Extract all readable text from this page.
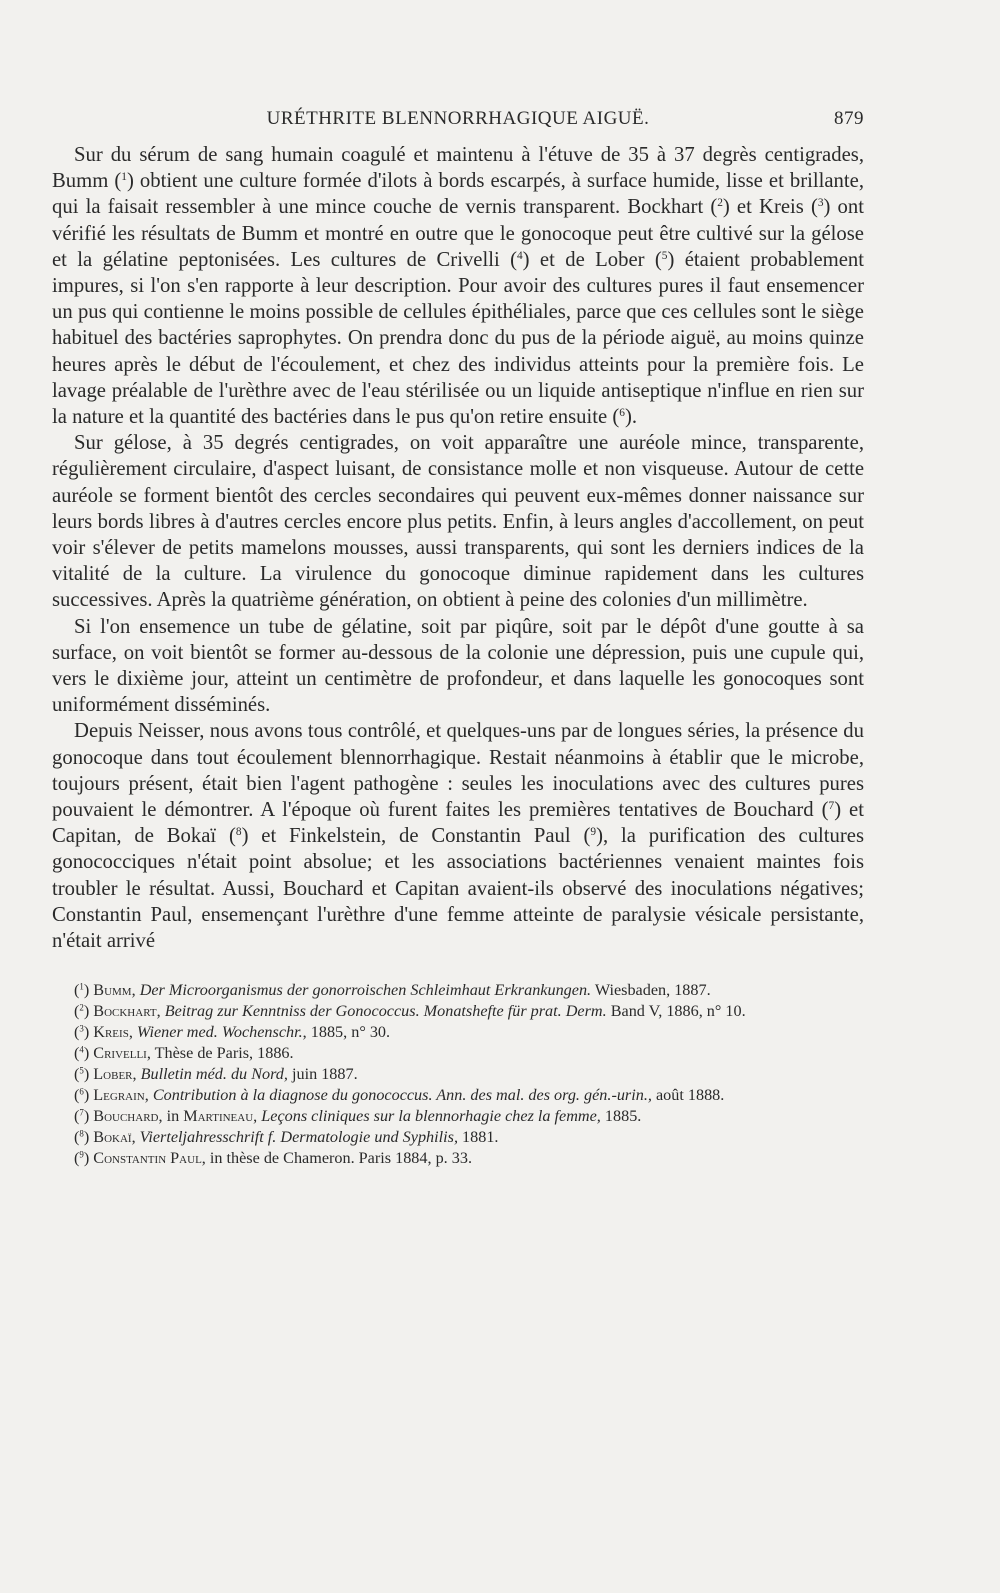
URÉTHRITE BLENNORRHAGIQUE AIGUË.	879

Sur du sérum de sang humain coagulé et maintenu à l'étuve de 35 à 37 degrès centigrades, Bumm ($^1$) obtient une culture formée d'ilots à bords escarpés, à surface humide, lisse et brillante, qui la faisait ressembler à une mince couche de vernis transparent. Bockhart ($^2$) et Kreis ($^3$) ont vérifié les résultats de Bumm et montré en outre que le gonocoque peut être cultivé sur la gélose et la gélatine peptonisées. Les cultures de Crivelli ($^4$) et de Lober ($^5$) étaient probablement impures, si l'on s'en rapporte à leur description. Pour avoir des cultures pures il faut ensemencer un pus qui contienne le moins possible de cellules épithéliales, parce que ces cellules sont le siège habituel des bactéries saprophytes. On prendra donc du pus de la période aiguë, au moins quinze heures après le début de l'écoulement, et chez des individus atteints pour la première fois. Le lavage préalable de l'urèthre avec de l'eau stérilisée ou un liquide antiseptique n'influe en rien sur la nature et la quantité des bactéries dans le pus qu'on retire ensuite ($^6$).

Sur gélose, à 35 degrés centigrades, on voit apparaître une auréole mince, transparente, régulièrement circulaire, d'aspect luisant, de consistance molle et non visqueuse. Autour de cette auréole se forment bientôt des cercles secondaires qui peuvent eux-mêmes donner naissance sur leurs bords libres à d'autres cercles encore plus petits. Enfin, à leurs angles d'accollement, on peut voir s'élever de petits mamelons mousses, aussi transparents, qui sont les derniers indices de la vitalité de la culture. La virulence du gonocoque diminue rapidement dans les cultures successives. Après la quatrième génération, on obtient à peine des colonies d'un millimètre.

Si l'on ensemence un tube de gélatine, soit par piqûre, soit par le dépôt d'une goutte à sa surface, on voit bientôt se former au-dessous de la colonie une dépression, puis une cupule qui, vers le dixième jour, atteint un centimètre de profondeur, et dans laquelle les gonocoques sont uniformément disséminés.

Depuis Neisser, nous avons tous contrôlé, et quelques-uns par de longues séries, la présence du gonocoque dans tout écoulement blennorrhagique. Restait néanmoins à établir que le microbe, toujours présent, était bien l'agent pathogène : seules les inoculations avec des cultures pures pouvaient le démontrer. A l'époque où furent faites les premières tentatives de Bouchard ($^7$) et Capitan, de Bokaï ($^8$) et Finkelstein, de Constantin Paul ($^9$), la purification des cultures gonococciques n'était point absolue; et les associations bactériennes venaient maintes fois troubler le résultat. Aussi, Bouchard et Capitan avaient-ils observé des inoculations négatives; Constantin Paul, ensemençant l'urèthre d'une femme atteinte de paralysie vésicale persistante, n'était arrivé

($^1$) Bumm, Der Microorganismus der gonorroischen Schleimhaut Erkrankungen. Wiesbaden, 1887.

($^2$) Bockhart, Beitrag zur Kenntniss der Gonococcus. Monatshefte für prat. Derm. Band V, 1886, n° 10.

($^3$) Kreis, Wiener med. Wochenschr., 1885, n° 30.

($^4$) Crivelli, Thèse de Paris, 1886.

($^5$) Lober, Bulletin méd. du Nord, juin 1887.

($^6$) Legrain, Contribution à la diagnose du gonococcus. Ann. des mal. des org. gén.-urin., août 1888.

($^7$) Bouchard, in Martineau, Leçons cliniques sur la blennorhagie chez la femme, 1885.

($^8$) Bokaï, Vierteljahresschrift f. Dermatologie und Syphilis, 1881.

($^9$) Constantin Paul, in thèse de Chameron. Paris 1884, p. 33.
